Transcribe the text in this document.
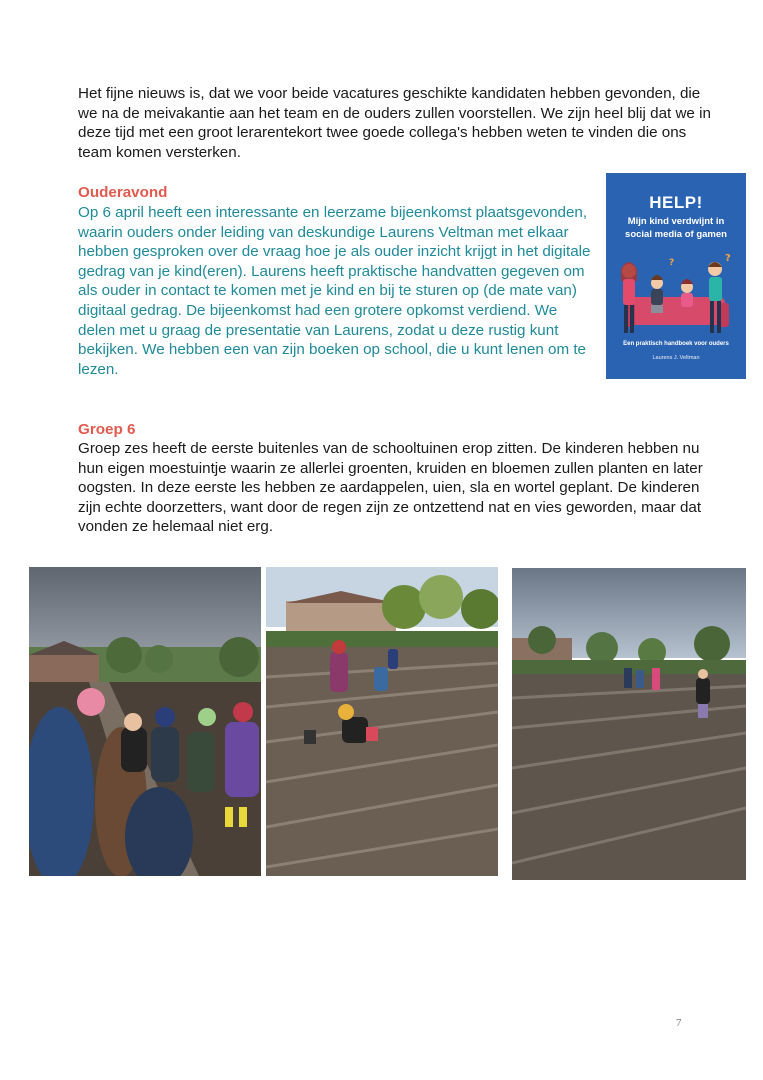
Het fijne nieuws is, dat we voor beide vacatures geschikte kandidaten hebben gevonden, die we na de meivakantie aan het team en de ouders zullen voorstellen. We zijn heel blij dat we in deze tijd met een groot lerarentekort twee goede collega's hebben weten te vinden die ons team komen versterken.

Ouderavond

Op 6 april heeft een interessante en leerzame bijeenkomst plaatsgevonden, waarin ouders onder leiding van deskundige Laurens Veltman met elkaar hebben gesproken over de vraag hoe je als ouder inzicht krijgt in het digitale gedrag van je kind(eren). Laurens heeft praktische handvatten gegeven om als ouder in contact te komen met je kind en bij te sturen op (de mate van) digitaal gedrag. De bijeenkomst had een grotere opkomst verdiend. We delen met u graag de presentatie van Laurens, zodat u deze rustig kunt bekijken. We hebben een van zijn boeken op school, die u kunt lenen om te lezen.

HELP!
Mijn kind verdwijnt in social media of gamen
?
?
Een praktisch handboek voor ouders
Laurens J. Veltman
Groep 6

Groep zes heeft de eerste buitenles van de schooltuinen erop zitten. De kinderen hebben nu hun eigen moestuintje waarin ze allerlei groenten, kruiden en bloemen zullen planten en later oogsten. In deze eerste les hebben ze aardappelen, uien, sla en wortel geplant. De kinderen zijn echte doorzetters, want door de regen zijn ze ontzettend nat en vies geworden, maar dat vonden ze helemaal niet erg.

7
